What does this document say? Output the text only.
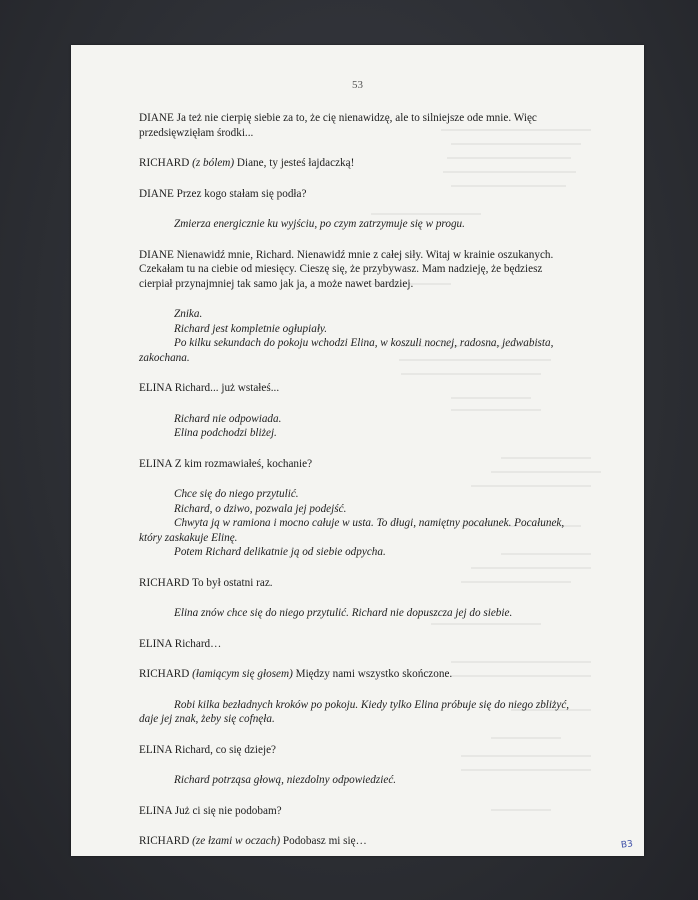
53

DIANE Ja też nie cierpię siebie za to, że cię nienawidzę, ale to silniejsze ode mnie. Więc przedsięwzięłam środki...

RICHARD (z bólem) Diane, ty jesteś łajdaczką!

DIANE Przez kogo stałam się podła?

Zmierza energicznie ku wyjściu, po czym zatrzymuje się w progu.

DIANE Nienawidź mnie, Richard. Nienawidź mnie z całej siły. Witaj w krainie oszukanych. Czekałam tu na ciebie od miesięcy. Cieszę się, że przybywasz. Mam nadzieję, że będziesz cierpiał przynajmniej tak samo jak ja, a może nawet bardziej.

Znika.

Richard jest kompletnie ogłupiały.

Po kilku sekundach do pokoju wchodzi Elina, w koszuli nocnej, radosna, jedwabista, zakochana.

ELINA Richard... już wstałeś...

Richard nie odpowiada.

Elina podchodzi bliżej.

ELINA Z kim rozmawiałeś, kochanie?

Chce się do niego przytulić.

Richard, o dziwo, pozwala jej podejść.

Chwyta ją w ramiona i mocno całuje w usta. To długi, namiętny pocałunek. Pocałunek, który zaskakuje Elinę.

Potem Richard delikatnie ją od siebie odpycha.

RICHARD To był ostatni raz.

Elina znów chce się do niego przytulić. Richard nie dopuszcza jej do siebie.

ELINA Richard…

RICHARD (łamiącym się głosem) Między nami wszystko skończone.

Robi kilka bezładnych kroków po pokoju. Kiedy tylko Elina próbuje się do niego zbliżyć, daje jej znak, żeby się cofnęła.

ELINA Richard, co się dzieje?

Richard potrząsa głową, niezdolny odpowiedzieć.

ELINA Już ci się nie podobam?

RICHARD (ze łzami w oczach) Podobasz mi się…	B3
